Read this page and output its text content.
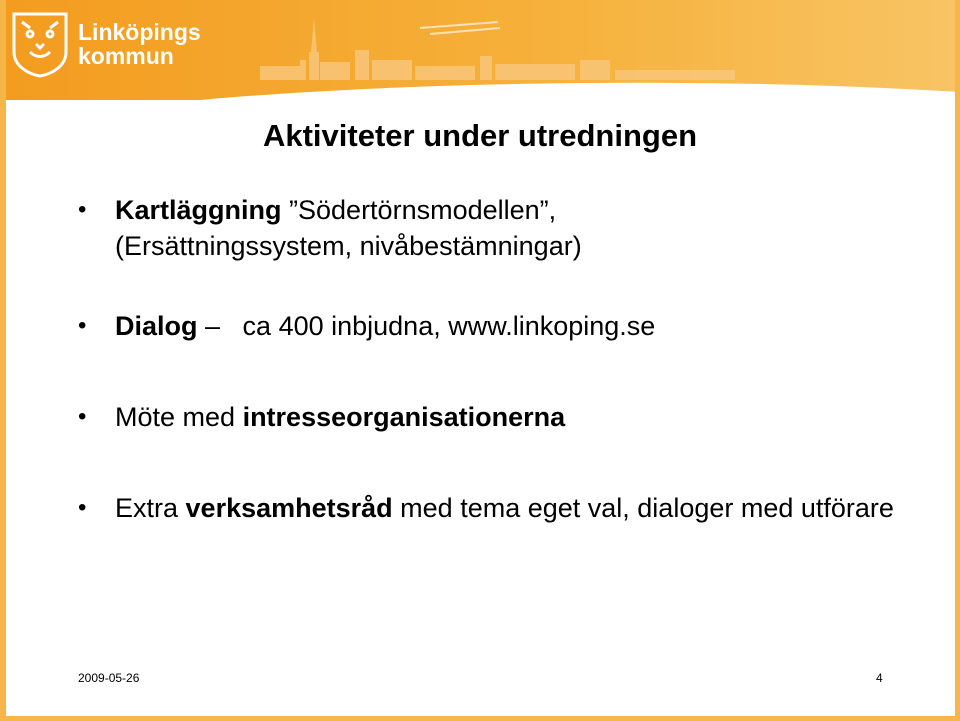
Linköpings
kommun
Aktiviteter under utredningen
• Kartläggning ”Södertörnsmodellen”,
(Ersättningssystem, nivåbestämningar)
• Dialog – ca 400 inbjudna, www.linkoping.se
• Möte med intresseorganisationerna
• Extra verksamhetsråd med tema eget val, dialoger med utförare
2009-05-26	4
